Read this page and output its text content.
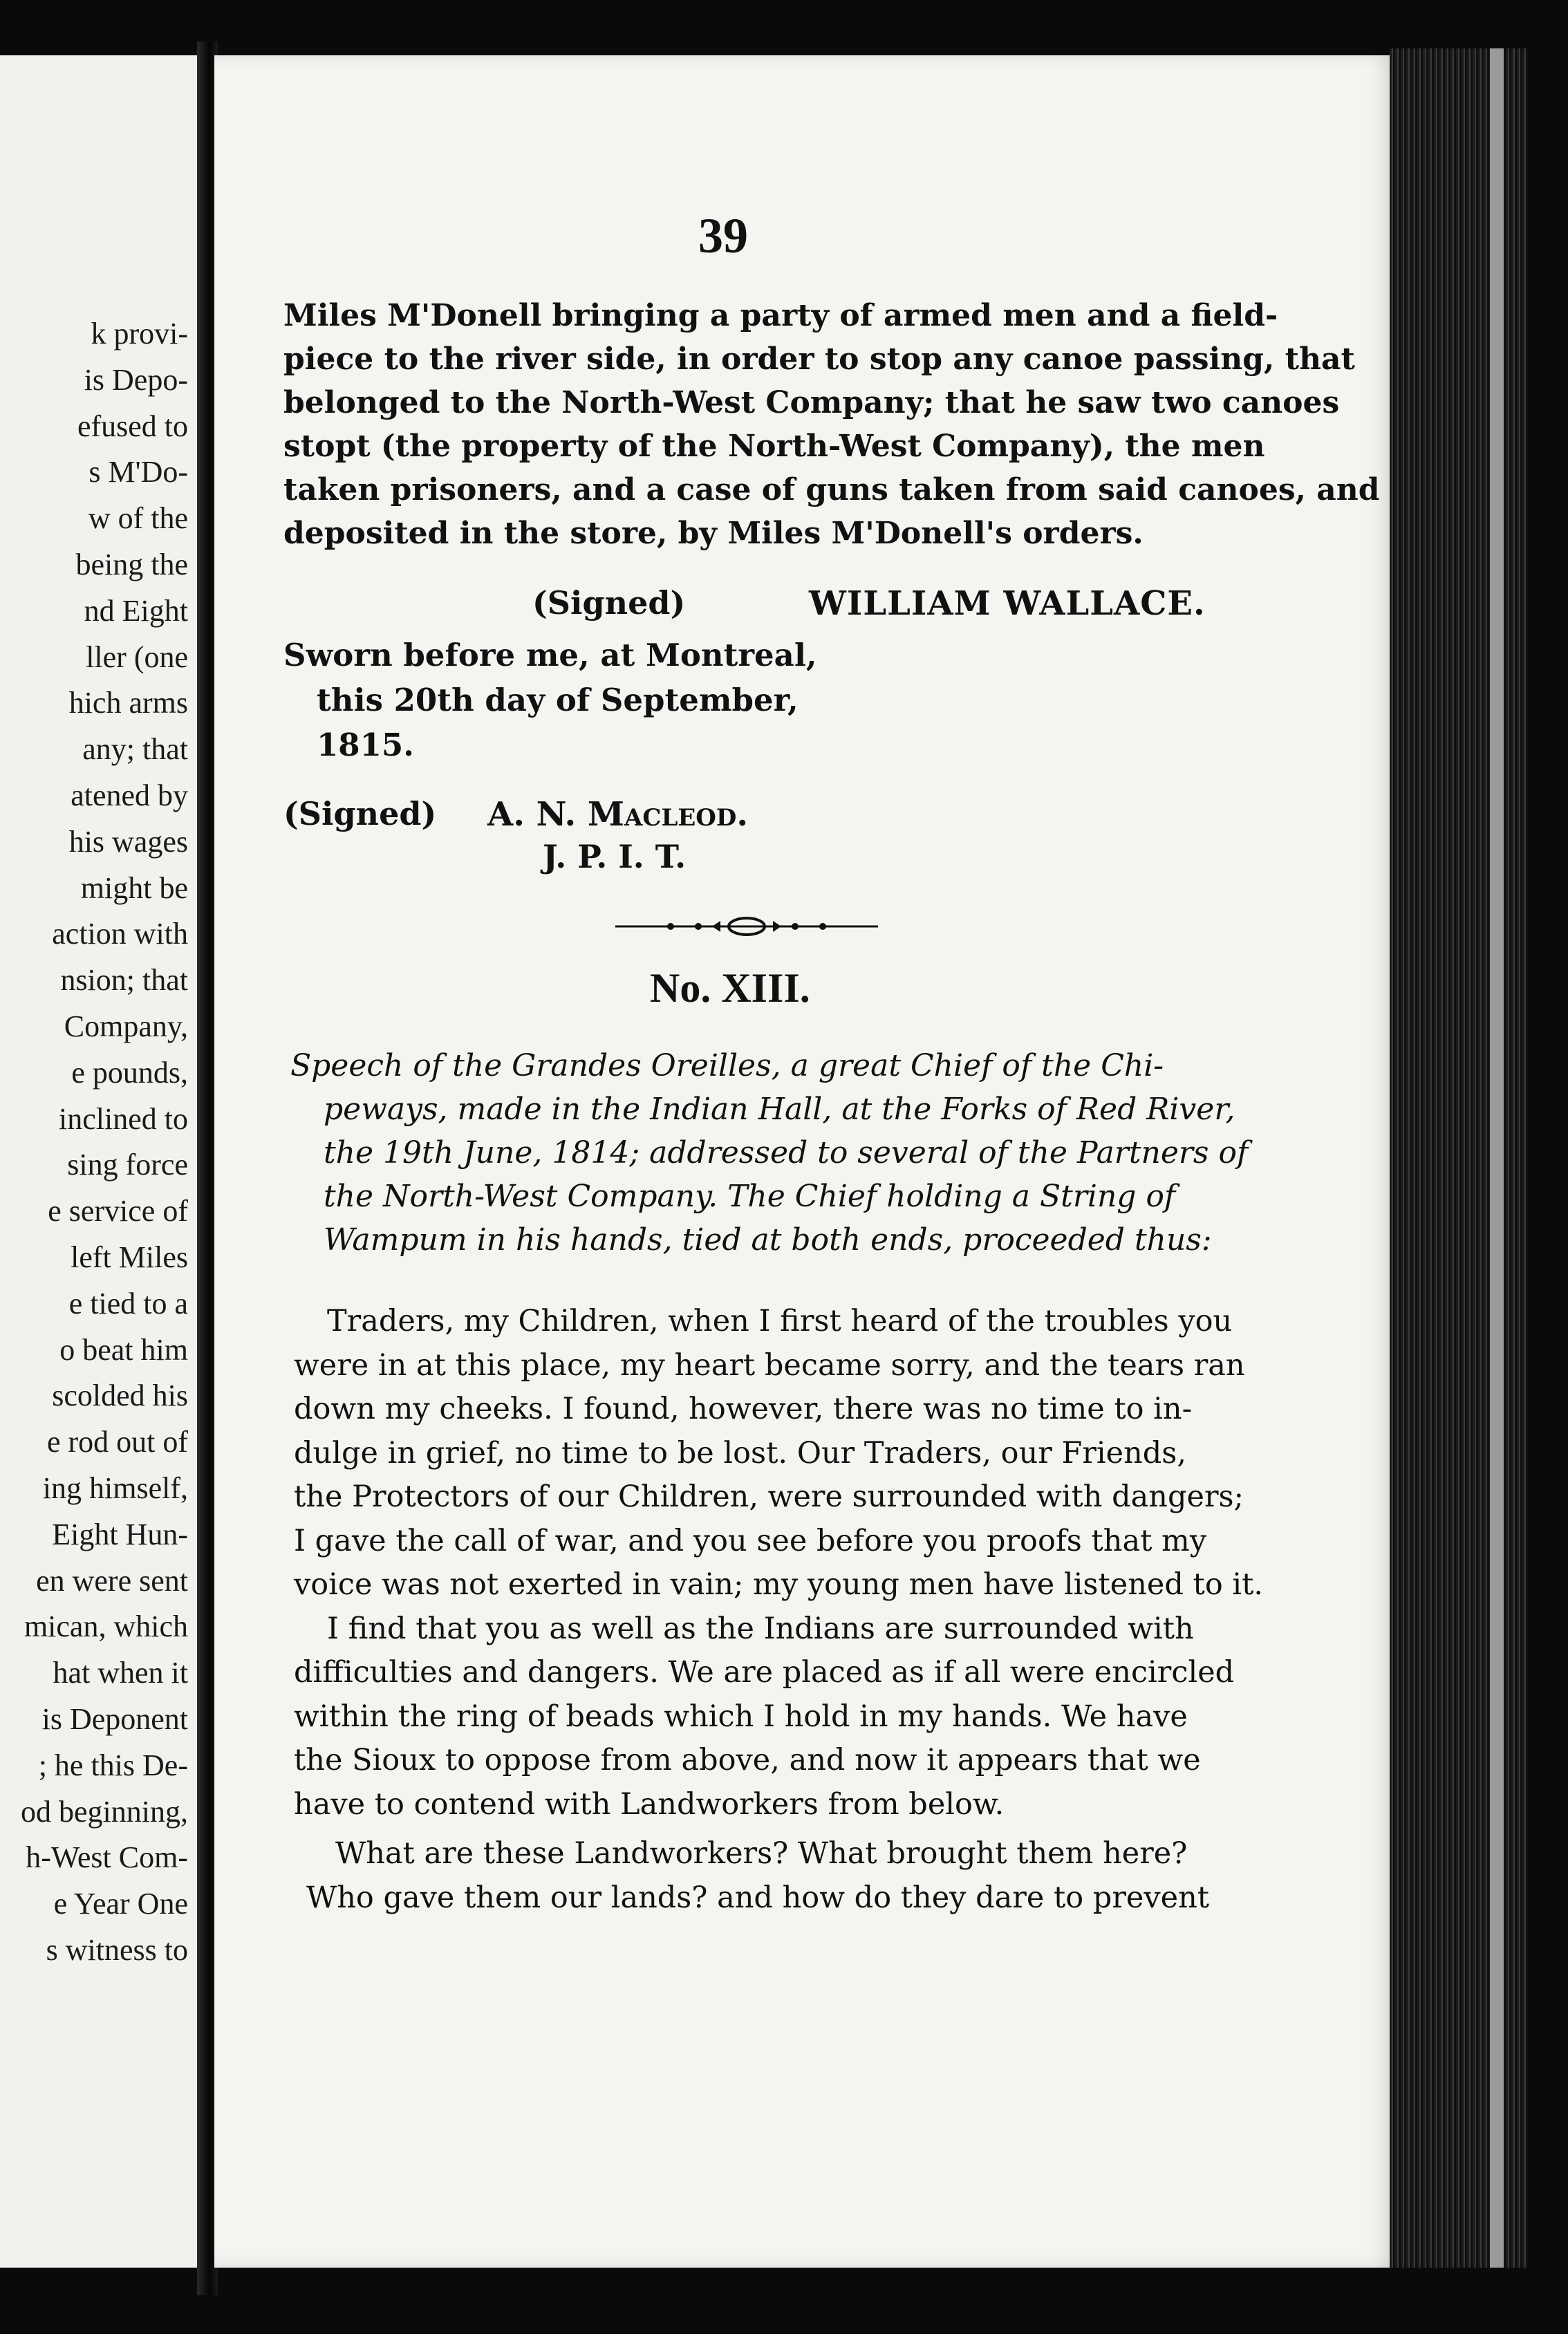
k provi-
is Depo-
efused to
s M'Do-
w of the
being the
nd Eight
ller (one
hich arms
any; that
atened by
his wages
might be
action with
nsion; that
Company,
e pounds,
inclined to
sing force
e service of
left Miles
e tied to a
o beat him
scolded his
e rod out of
ing himself,
Eight Hun-
en were sent
mican, which
hat when it
is Deponent
; he this De-
od beginning,
h-West Com-
e Year One
s witness to
39
Miles M'Donell bringing a party of armed men and a field-
piece to the river side, in order to stop any canoe passing, that
belonged to the North-West Company; that he saw two canoes
stopt (the property of the North-West Company), the men
taken prisoners, and a case of guns taken from said canoes, and
deposited in the store, by Miles M'Donell's orders.
(Signed)	WILLIAM WALLACE.
Sworn before me, at Montreal,
this 20th day of September,
1815.
(Signed) A. N. Macleod.
J. P. I. T.
No. XIII.
Speech of the Grandes Oreilles, a great Chief of the Chi-
peways, made in the Indian Hall, at the Forks of Red River,
the 19th June, 1814; addressed to several of the Partners of
the North-West Company. The Chief holding a String of
Wampum in his hands, tied at both ends, proceeded thus:
Traders, my Children, when I first heard of the troubles you
were in at this place, my heart became sorry, and the tears ran
down my cheeks. I found, however, there was no time to in-
dulge in grief, no time to be lost. Our Traders, our Friends,
the Protectors of our Children, were surrounded with dangers;
I gave the call of war, and you see before you proofs that my
voice was not exerted in vain; my young men have listened to it.
I find that you as well as the Indians are surrounded with
difficulties and dangers. We are placed as if all were encircled
within the ring of beads which I hold in my hands. We have
the Sioux to oppose from above, and now it appears that we
have to contend with Landworkers from below.
What are these Landworkers? What brought them here?
Who gave them our lands? and how do they dare to prevent
